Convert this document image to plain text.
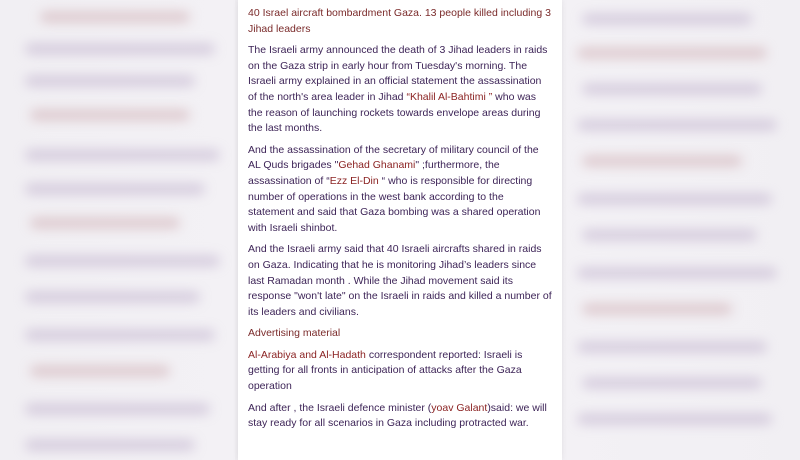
40 Israel aircraft bombardment Gaza. 13 people killed including 3 Jihad leaders

The Israeli army announced the death of 3 Jihad leaders in raids on the Gaza strip in early hour from Tuesday's morning. The Israeli army explained in an official statement the assassination of the north's area leader in Jihad “Khalil Al-Bahtimi ” who was the reason of launching rockets towards envelope areas during the last months.

And the assassination of the secretary of military council of the AL Quds brigades "Gehad Ghanami" ;furthermore, the assassination of “Ezz El-Din “ who is responsible for directing number of operations in the west bank according to the statement and said that Gaza bombing was a shared operation with Israeli shinbot.

And the Israeli army said that 40 Israeli aircrafts shared in raids on Gaza. Indicating that he is monitoring Jihad’s leaders since last Ramadan month . While the Jihad movement said its response "won't late" on the Israeli in raids and killed a number of its leaders and civilians.

Advertising material

Al-Arabiya and Al-Hadath correspondent reported: Israeli is getting for all fronts in anticipation of attacks after the Gaza operation

And after , the Israeli defence minister (yoav Galant)said: we will stay ready for all scenarios in Gaza including protracted war.
